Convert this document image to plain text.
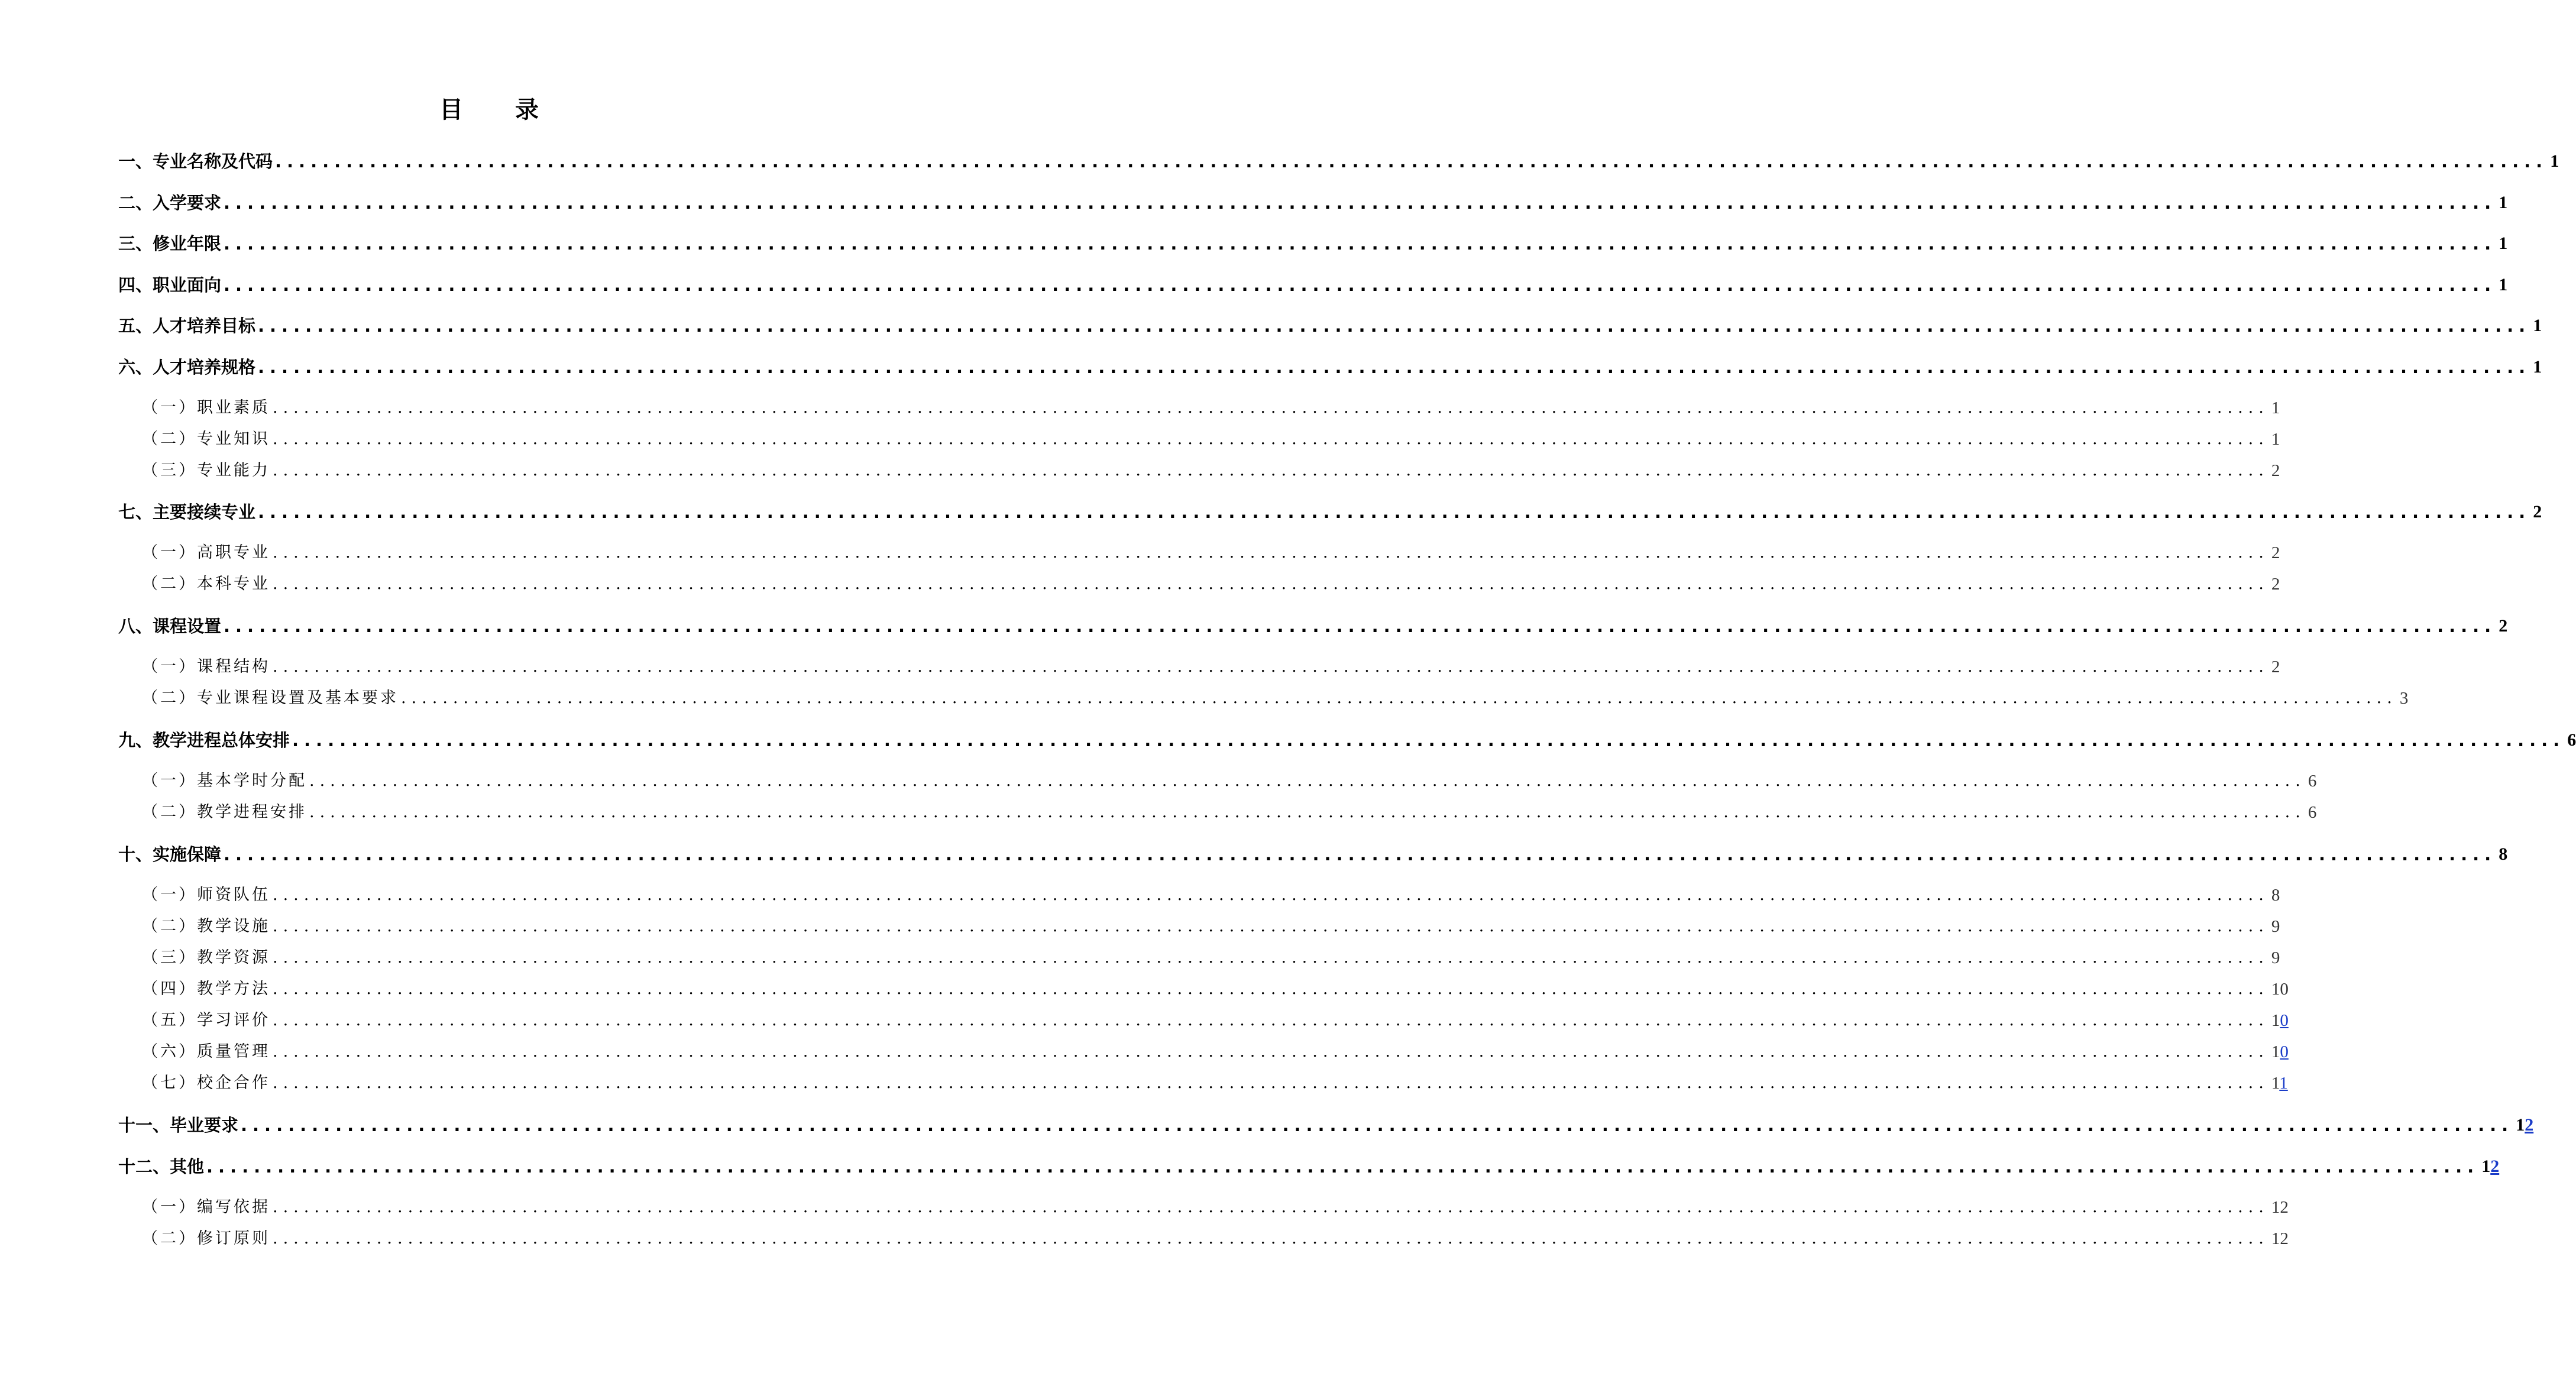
目　录
一、专业名称及代码 ................................................................................................................................................................................................ 1
二、入学要求 ................................................................................................................................................................................................ 1
三、修业年限 ................................................................................................................................................................................................ 1
四、职业面向 ................................................................................................................................................................................................ 1
五、人才培养目标 ................................................................................................................................................................................................ 1
六、人才培养规格 ................................................................................................................................................................................................ 1
（一）职业素质 ................................................................................................................................................................................................ 1
（二）专业知识 ................................................................................................................................................................................................ 1
（三）专业能力 ................................................................................................................................................................................................ 2
七、主要接续专业 ................................................................................................................................................................................................ 2
（一）高职专业 ................................................................................................................................................................................................ 2
（二）本科专业 ................................................................................................................................................................................................ 2
八、课程设置 ................................................................................................................................................................................................ 2
（一）课程结构 ................................................................................................................................................................................................ 2
（二）专业课程设置及基本要求 ................................................................................................................................................................................................ 3
九、教学进程总体安排 ................................................................................................................................................................................................ 6
（一）基本学时分配 ................................................................................................................................................................................................ 6
（二）教学进程安排 ................................................................................................................................................................................................ 6
十、实施保障 ................................................................................................................................................................................................ 8
（一）师资队伍 ................................................................................................................................................................................................ 8
（二）教学设施 ................................................................................................................................................................................................ 9
（三）教学资源 ................................................................................................................................................................................................ 9
（四）教学方法 ................................................................................................................................................................................................ 10
（五）学习评价 ................................................................................................................................................................................................ 10
（六）质量管理 ................................................................................................................................................................................................ 10
（七）校企合作 ................................................................................................................................................................................................ 11
十一、毕业要求 ................................................................................................................................................................................................ 12
十二、其他 ................................................................................................................................................................................................ 12
（一）编写依据 ................................................................................................................................................................................................ 12
（二）修订原则 ................................................................................................................................................................................................ 12
